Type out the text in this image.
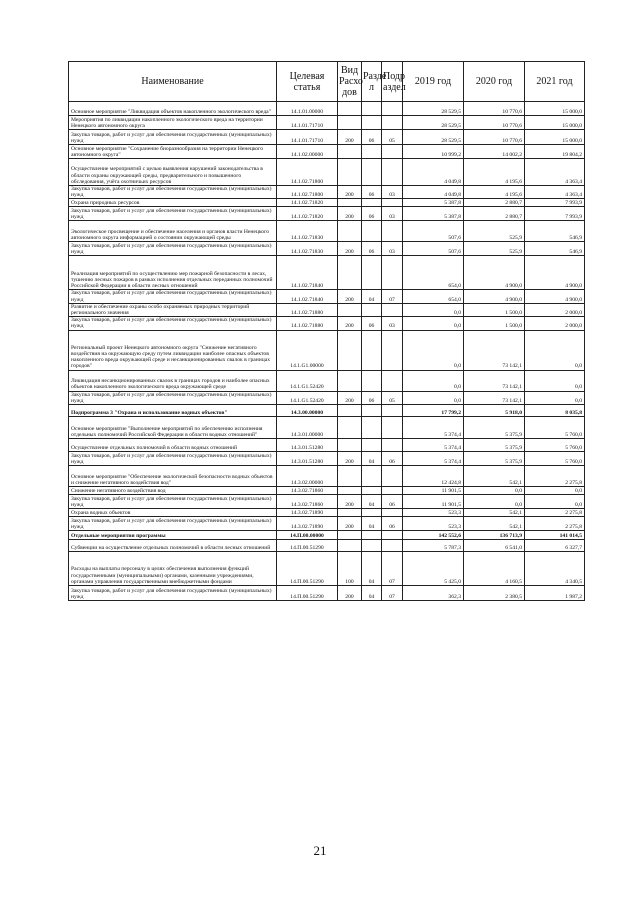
Наименование	Целевая статья	Вид Расхо дов	Разде л	Подр аздел	2019 год	2020 год	2021 год
Основное мероприятие "Ликвидация объектов накопленного экологического вреда"	14.1.01.00000				28 529,5	10 770,6	15 000,0
Мероприятия по ликвидации накопленного экологического вреда на территории Ненецкого автономного округа	14.1.01.71710				28 529,5	10 770,6	15 000,0
Закупка товаров, работ и услуг для обеспечения государственных (муниципальных) нужд	14.1.01.71710	200	06	05	28 529,5	10 770,6	15 000,0
Основное мероприятие "Сохранение биоразнообразия на территории Ненецкого автономного округа"	14.1.02.00000				10 999,2	14 002,2	19 804,2
Осуществление мероприятий с целью выявления нарушений законодательства в области охраны окружающей среды, предварительного и повышенного обследования, учёта охотничьих ресурсов	14.1.02.71800				4 049,8	4 195,6	4 363,4
Закупка товаров, работ и услуг для обеспечения государственных (муниципальных) нужд	14.1.02.71800	200	06	03	4 049,8	4 195,6	4 363,4
Охрана природных ресурсов	14.1.02.71820				5 387,8	2 880,7	7 993,9
Закупка товаров, работ и услуг для обеспечения государственных (муниципальных) нужд	14.1.02.71820	200	06	03	5 387,8	2 880,7	7 993,9
Экологическое просвещение и обеспечение населения и органов власти Ненецкого автономного округа информацией о состоянии окружающей среды	14.1.02.71830				507,6	525,9	546,9
Закупка товаров, работ и услуг для обеспечения государственных (муниципальных) нужд	14.1.02.71830	200	06	03	507,6	525,9	546,9
Реализация мероприятий по осуществлению мер пожарной безопасности в лесах, тушению лесных пожаров в рамках исполнения отдельных переданных полномочий Российской Федерации в области лесных отношений	14.1.02.71840				654,0	4 900,0	4 900,0
Закупка товаров, работ и услуг для обеспечения государственных (муниципальных) нужд	14.1.02.71840	200	04	07	654,0	4 900,0	4 900,0
Развитие и обеспечение охраны особо охраняемых природных территорий регионального значения	14.1.02.71880				0,0	1 500,0	2 000,0
Закупка товаров, работ и услуг для обеспечения государственных (муниципальных) нужд	14.1.02.71880	200	06	03	0,0	1 500,0	2 000,0
Региональный проект Ненецкого автономного округа "Снижение негативного воздействия на окружающую среду путем ликвидации наиболее опасных объектов накопленного вреда окружающей среде и несанкционированных свалок в границах городов"	14.1.G1.00000				0,0	73 142,1	0,0
Ликвидация несанкционированных свалок в границах городов и наиболее опасных объектов накопленного экологического вреда окружающей среде	14.1.G1.52420				0,0	73 142,1	0,0
Закупка товаров, работ и услуг для обеспечения государственных (муниципальных) нужд	14.1.G1.52420	200	06	05	0,0	73 142,1	0,0
Подпрограмма 3 "Охрана и использование водных объектов"	14.3.00.00000				17 799,2	5 918,0	8 035,8
Основное мероприятие "Выполнение мероприятий по обеспечению исполнения отдельных полномочий Российской Федерации в области водных отношений"	14.3.01.00000				5 374,4	5 375,9	5 760,0
Осуществление отдельных полномочий в области водных отношений	14.3.01.51280				5 374,4	5 375,9	5 760,0
Закупка товаров, работ и услуг для обеспечения государственных (муниципальных) нужд	14.3.01.51280	200	04	06	5 374,4	5 375,9	5 760,0
Основное мероприятие "Обеспечение экологической безопасности водных объектов и снижение негативного воздействия вод"	14.3.02.00000				12 424,8	542,1	2 275,8
Снижение негативного воздействия вод	14.3.02.71860				11 901,5	0,0	0,0
Закупка товаров, работ и услуг для обеспечения государственных (муниципальных) нужд	14.3.02.71860	200	04	06	11 901,5	0,0	0,0
Охрана водных объектов	14.3.02.71890				523,3	542,1	2 275,8
Закупка товаров, работ и услуг для обеспечения государственных (муниципальных) нужд	14.3.02.71890	200	04	06	523,3	542,1	2 275,8
Отдельные мероприятия программы	14.П.00.00000				142 552,6	136 713,9	141 014,5
Субвенции на осуществление отдельных полномочий в области лесных отношений	14.П.00.51290				5 787,3	6 541,0	6 327,7
Расходы на выплаты персоналу в целях обеспечения выполнения функций государственными (муниципальными) органами, казенными учреждениями, органами управления государственными внебюджетными фондами	14.П.00.51290	100	04	07	5 425,0	4 160,5	4 340,5
Закупка товаров, работ и услуг для обеспечения государственных (муниципальных) нужд	14.П.00.51290	200	04	07	362,3	2 380,5	1 987,2
21
